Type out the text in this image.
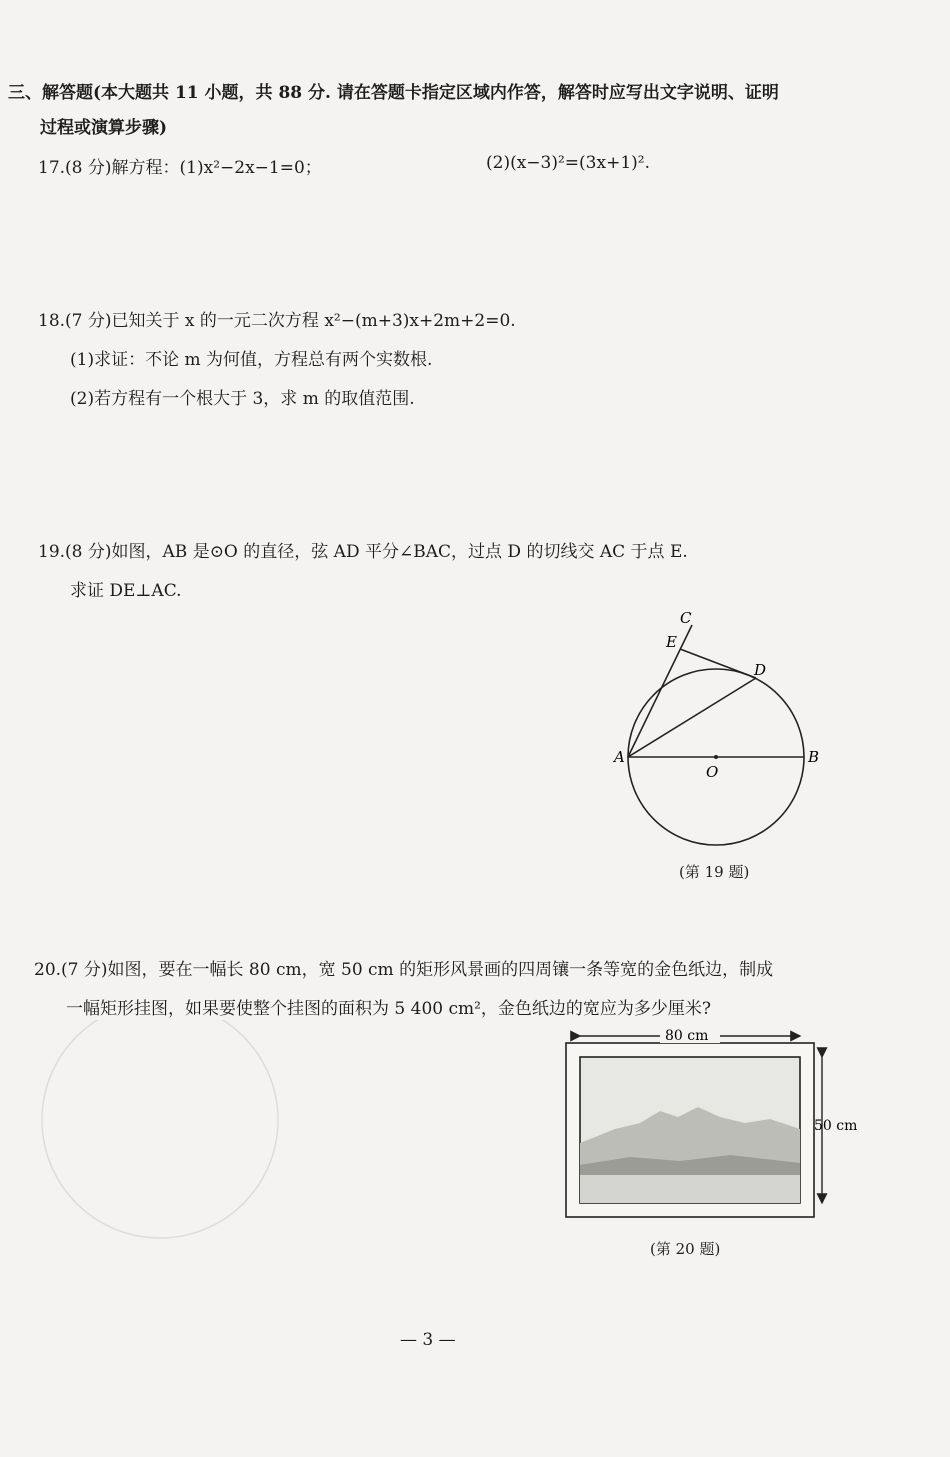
三、解答题(本大题共 11 小题，共 88 分. 请在答题卡指定区域内作答，解答时应写出文字说明、证明
过程或演算步骤)
17.(8 分)解方程：(1)x²−2x−1=0；	(2)(x−3)²=(3x+1)².
18.(7 分)已知关于 x 的一元二次方程 x²−(m+3)x+2m+2=0.
(1)求证：不论 m 为何值，方程总有两个实数根.
(2)若方程有一个根大于 3，求 m 的取值范围.
19.(8 分)如图，AB 是⊙O 的直径，弦 AD 平分∠BAC，过点 D 的切线交 AC 于点 E.
求证 DE⊥AC.
C
E
D
A	B
O
(第 19 题)
20.(7 分)如图，要在一幅长 80 cm，宽 50 cm 的矩形风景画的四周镶一条等宽的金色纸边，制成
一幅矩形挂图，如果要使整个挂图的面积为 5 400 cm²，金色纸边的宽应为多少厘米?
80 cm
50 cm
(第 20 题)
— 3 —
